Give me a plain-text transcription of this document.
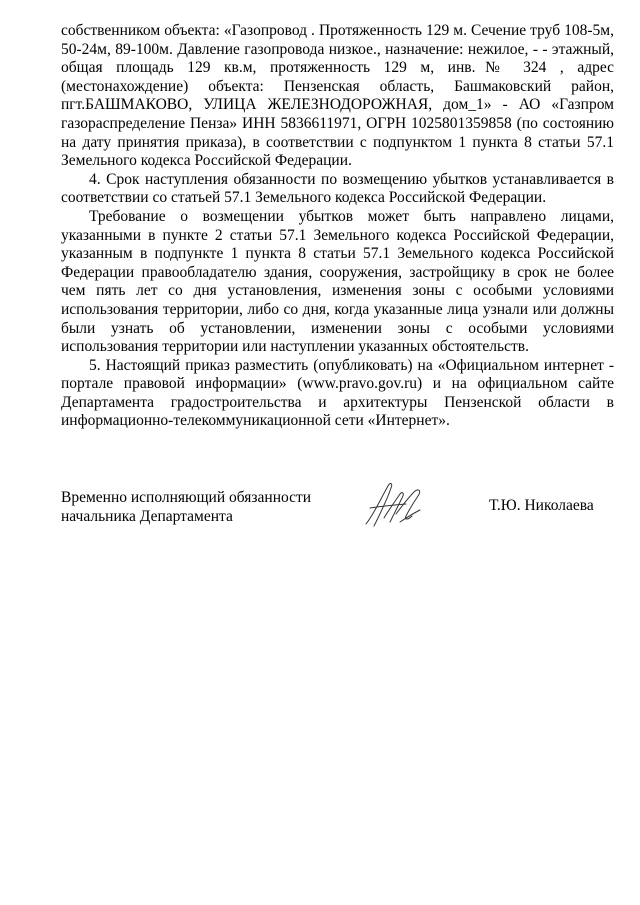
собственником объекта: «Газопровод . Протяженность 129 м. Сечение труб 108-5м, 50-24м, 89-100м. Давление газопровода низкое., назначение: нежилое, - - этажный, общая площадь 129 кв.м, протяженность 129 м, инв.№ 324 , адрес (местонахождение) объекта: Пензенская область, Башмаковский район, пгт.БАШМАКОВО, УЛИЦА ЖЕЛЕЗНОДОРОЖНАЯ, дом_1» - АО «Газпром газораспределение Пенза» ИНН 5836611971, ОГРН 1025801359858 (по состоянию на дату принятия приказа), в соответствии с подпунктом 1 пункта 8 статьи 57.1 Земельного кодекса Российской Федерации.

4. Срок наступления обязанности по возмещению убытков устанавливается в соответствии со статьей 57.1 Земельного кодекса Российской Федерации.

Требование о возмещении убытков может быть направлено лицами, указанными в пункте 2 статьи 57.1 Земельного кодекса Российской Федерации, указанным в подпункте 1 пункта 8 статьи 57.1 Земельного кодекса Российской Федерации правообладателю здания, сооружения, застройщику в срок не более чем пять лет со дня установления, изменения зоны с особыми условиями использования территории, либо со дня, когда указанные лица узнали или должны были узнать об установлении, изменении зоны с особыми условиями использования территории или наступлении указанных обстоятельств.

5. Настоящий приказ разместить (опубликовать) на «Официальном интернет - портале правовой информации» (www.pravo.gov.ru) и на официальном сайте Департамента градостроительства и архитектуры Пензенской области в информационно-телекоммуникационной сети «Интернет».

Временно исполняющий обязанности
начальника Департамента
Т.Ю. Николаева
